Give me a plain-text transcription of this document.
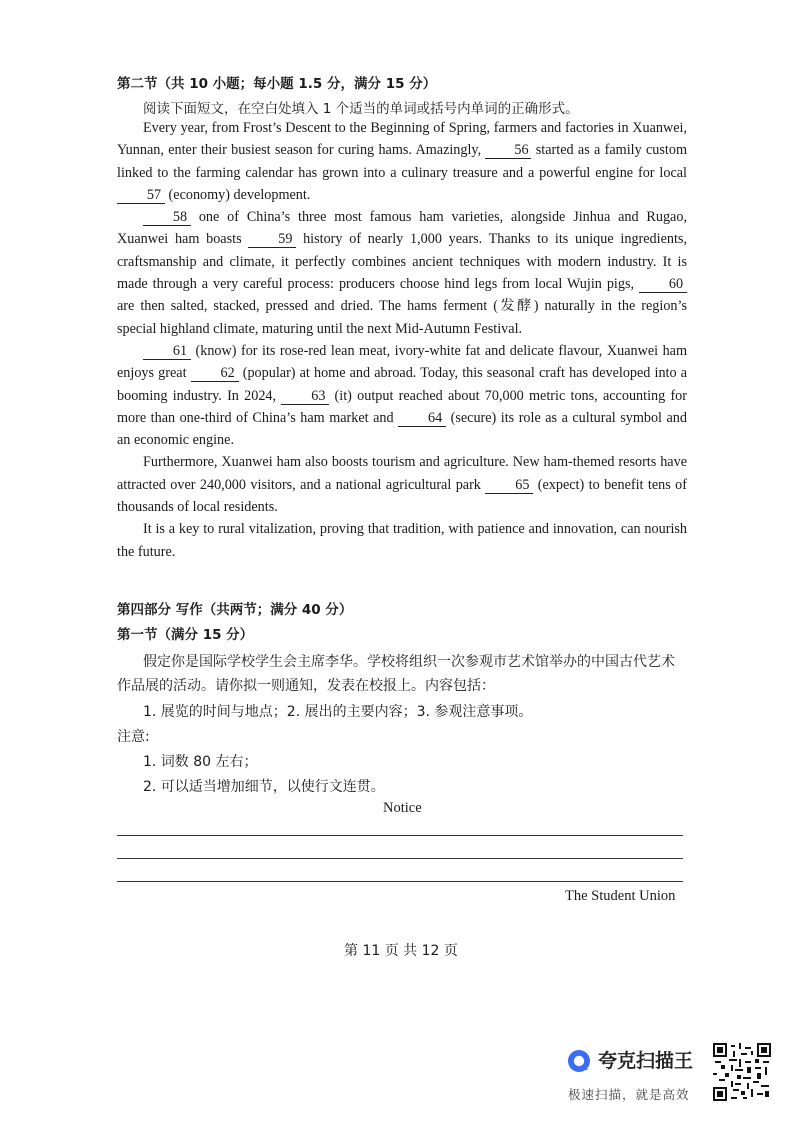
第二节（共 10 小题；每小题 1.5 分，满分 15 分）
阅读下面短文，在空白处填入 1 个适当的单词或括号内单词的正确形式。

Every year, from Frost’s Descent to the Beginning of Spring, farmers and factories in Xuanwei, Yunnan, enter their busiest season for curing hams. Amazingly, 56 started as a family custom linked to the farming calendar has grown into a culinary treasure and a powerful engine for local 57 (economy) development.

58 one of China’s three most famous ham varieties, alongside Jinhua and Rugao, Xuanwei ham boasts 59 history of nearly 1,000 years. Thanks to its unique ingredients, craftsmanship and climate, it perfectly combines ancient techniques with modern industry. It is made through a very careful process: producers choose hind legs from local Wujin pigs, 60 are then salted, stacked, pressed and dried. The hams ferment (发酵) naturally in the region’s special highland climate, maturing until the next Mid-Autumn Festival.

61 (know) for its rose-red lean meat, ivory-white fat and delicate flavour, Xuanwei ham enjoys great 62 (popular) at home and abroad. Today, this seasonal craft has developed into a booming industry. In 2024, 63 (it) output reached about 70,000 metric tons, accounting for more than one-third of China’s ham market and 64 (secure) its role as a cultural symbol and an economic engine.

Furthermore, Xuanwei ham also boosts tourism and agriculture. New ham-themed resorts have attracted over 240,000 visitors, and a national agricultural park 65 (expect) to benefit tens of thousands of local residents.

It is a key to rural vitalization, proving that tradition, with patience and innovation, can nourish the future.

第四部分 写作（共两节；满分 40 分）
第一节（满分 15 分）
假定你是国际学校学生会主席李华。学校将组织一次参观市艺术馆举办的中国古代艺术
作品展的活动。请你拟一则通知，发表在校报上。内容包括：
1. 展览的时间与地点；2. 展出的主要内容；3. 参观注意事项。
注意:
1. 词数 80 左右；
2. 可以适当增加细节，以使行文连贯。
Notice
The Student Union
第 11 页 共 12 页
夸克扫描王
极速扫描，就是高效
